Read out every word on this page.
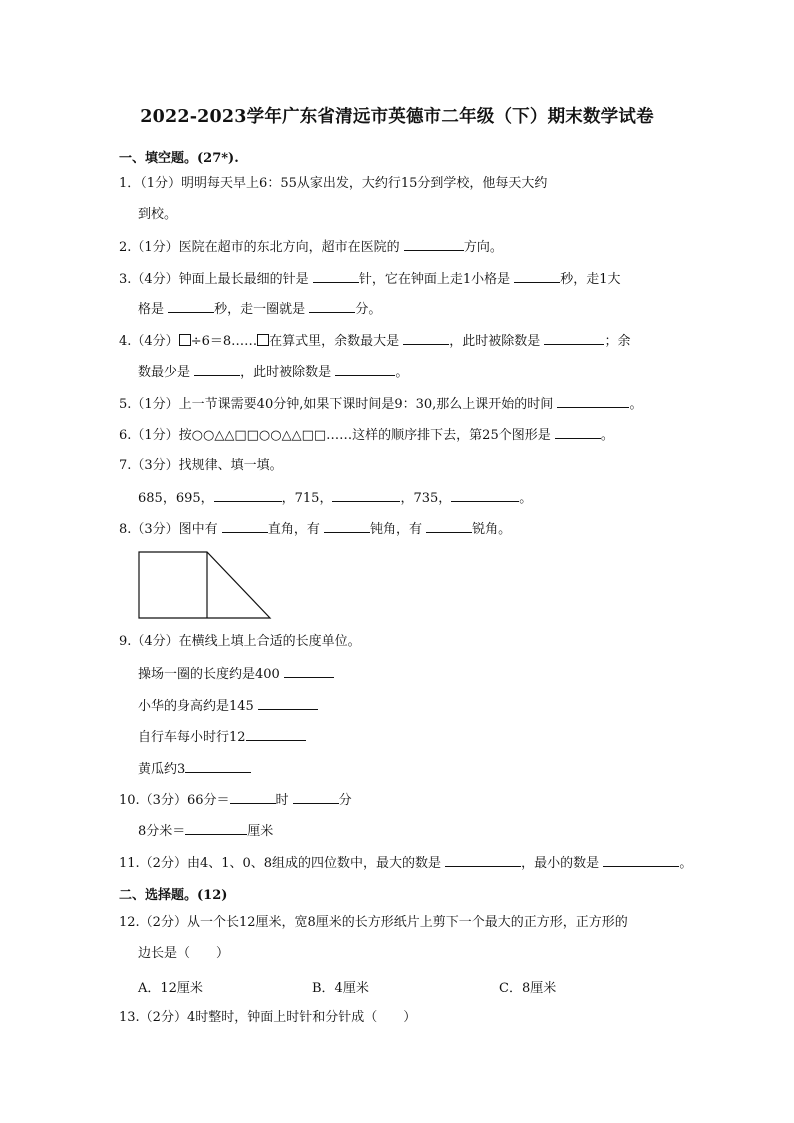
2022-2023学年广东省清远市英德市二年级（下）期末数学试卷
一、填空题。(27*).
1．（1分）明明每天早上6：55从家出发，大约行15分到学校，他每天大约
到校。
2.（1分）医院在超市的东北方向，超市在医院的	方向。
3.（4分）钟面上最长最细的针是	针，它在钟面上走1小格是	秒，走1大
格是	秒，走一圈就是	分。
4.（4分） ÷6＝8…… 在算式里，余数最大是	，此时被除数是	；余
数最少是	，此时被除数是	。
5.（1分）上一节课需要40分钟,如果下课时间是9：30,那么上课开始的时间	。
6.（1分）按○○△△□□○○△△□□……这样的顺序排下去，第25个图形是	。
7.（3分）找规律、填一填。
685，695，	，715，	，735，	。
8.（3分）图中有	直角，有	钝角，有	锐角。
9.（4分）在横线上填上合适的长度单位。
操场一圈的长度约是400
小华的身高约是145
自行车每小时行12
黄瓜约3
10.（3分）66分＝	时	分
8分米＝	厘米
11.（2分）由4、1、0、8组成的四位数中，最大的数是	，最小的数是	。
二、选择题。(12)
12.（2分）从一个长12厘米，宽8厘米的长方形纸片上剪下一个最大的正方形，正方形的
边长是（　　）
A．12厘米	B．4厘米	C．8厘米
13.（2分）4时整时，钟面上时针和分针成（　　）
